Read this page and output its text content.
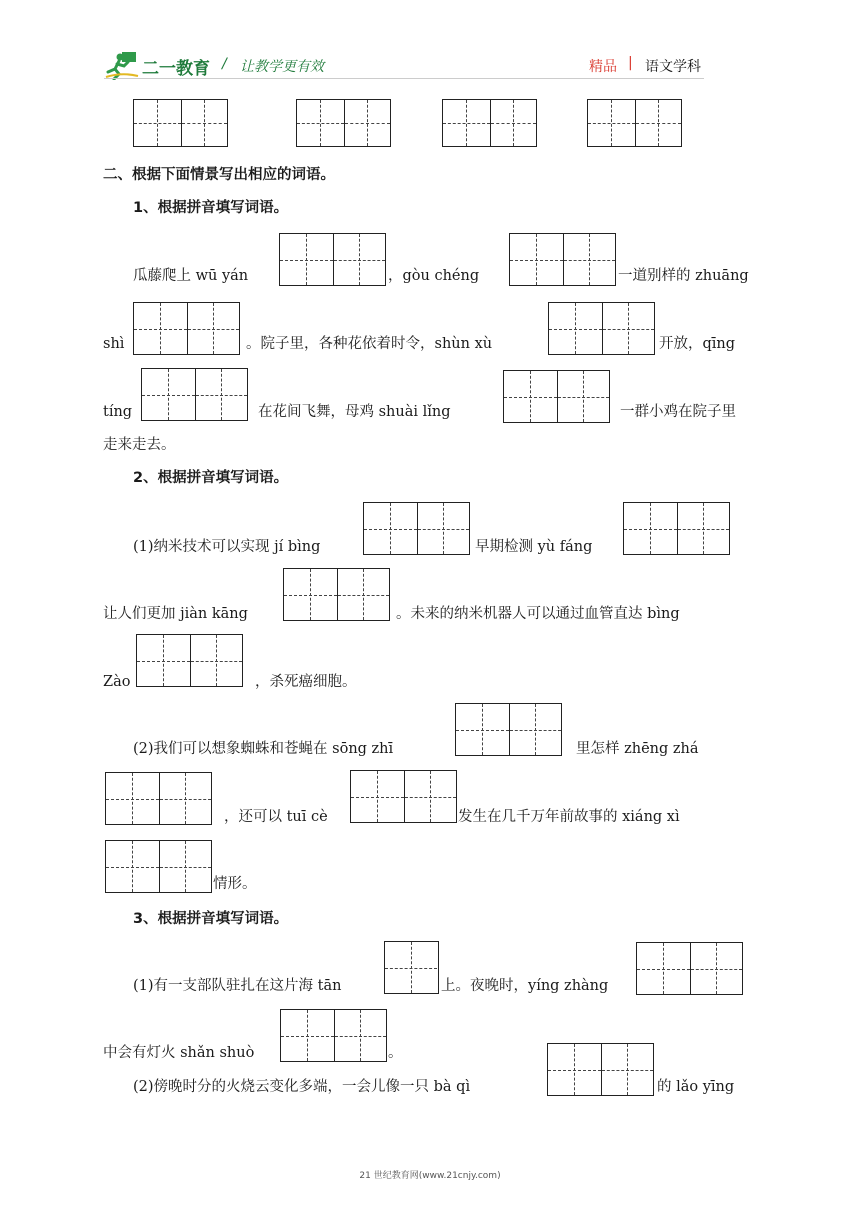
二一教育 / 让教学更有效	精品 | 语文学科
二、根据下面情景写出相应的词语。
1、根据拼音填写词语。
瓜藤爬上 wū yán	，gòu chéng	一道别样的 zhuāng
shì	。院子里，各种花依着时令，shùn xù	开放，qīng
tíng	在花间飞舞，母鸡 shuài lǐng	一群小鸡在院子里
走来走去。
2、根据拼音填写词语。
(1)纳米技术可以实现 jí bìng	早期检测 yù fáng
让人们更加 jiàn kāng	。未来的纳米机器人可以通过血管直达 bìng
Zào	，杀死癌细胞。
(2)我们可以想象蜘蛛和苍蝇在 sōng zhī	里怎样 zhēng zhá
，还可以 tuī cè	发生在几千万年前故事的 xiáng xì
情形。
3、根据拼音填写词语。
(1)有一支部队驻扎在这片海 tān	上。夜晚时，yíng zhàng
中会有灯火 shǎn shuò	。
(2)傍晚时分的火烧云变化多端，一会儿像一只 bà qì	的 lǎo yīng
21 世纪教育网(www.21cnjy.com)
